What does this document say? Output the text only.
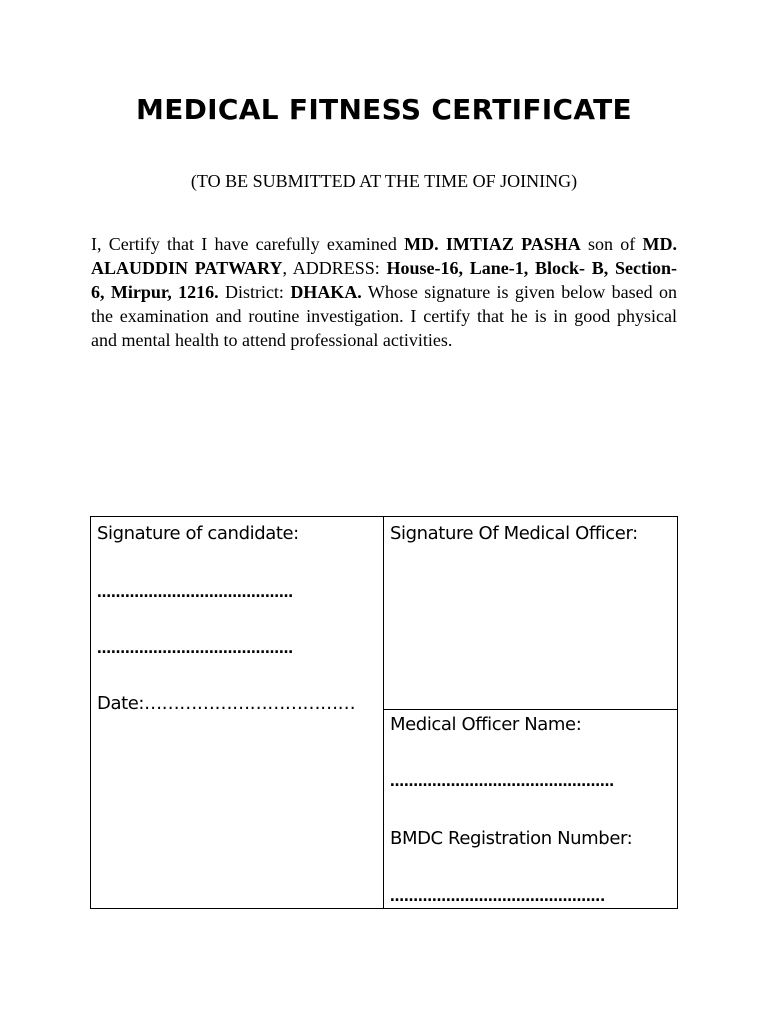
MEDICAL FITNESS CERTIFICATE

(TO BE SUBMITTED AT THE TIME OF JOINING)

I, Certify that I have carefully examined MD. IMTIAZ PASHA son of MD. ALAUDDIN PATWARY, ADDRESS: House-16, Lane-1, Block- B, Section- 6, Mirpur, 1216. District: DHAKA. Whose signature is given below based on the examination and routine investigation. I certify that he is in good physical and mental health to attend professional activities.

Signature of candidate:
……………………………………
……………………………………
Date:………………………………
Signature Of Medical Officer:
Medical Officer Name:
…………………………………………
BMDC Registration Number:
……………………………………….
